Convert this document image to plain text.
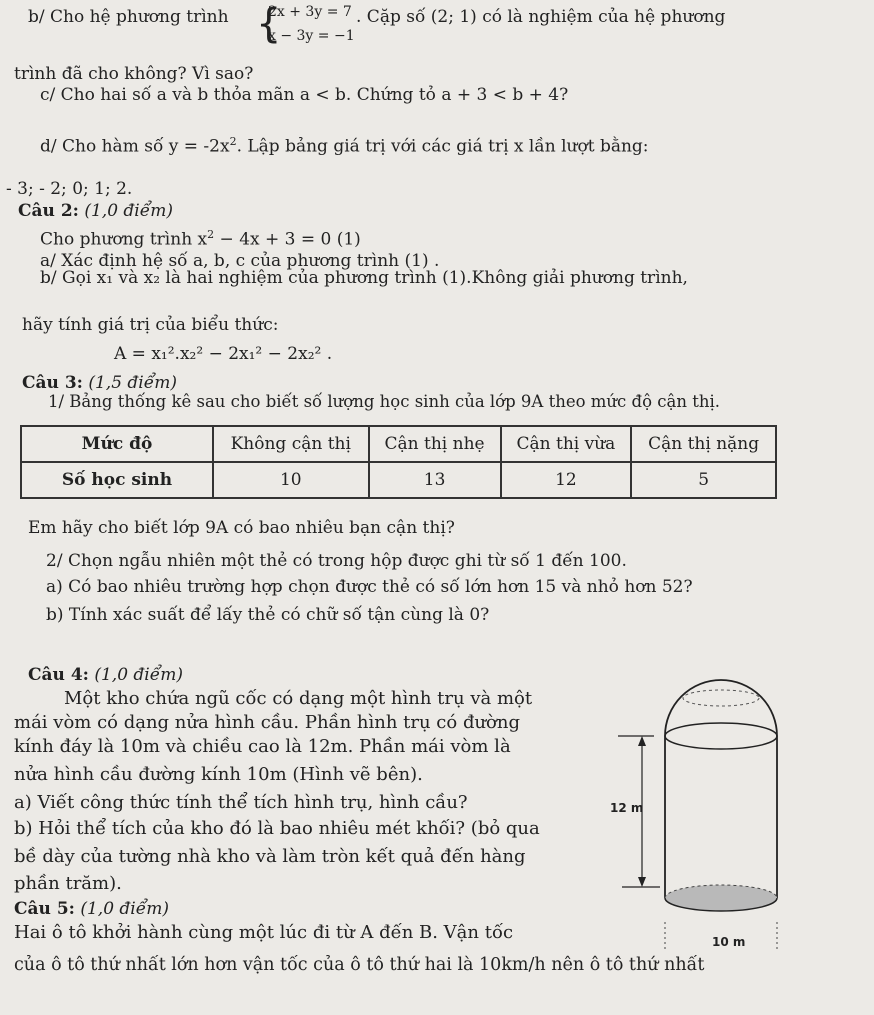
b/ Cho hệ phương trình {
2x + 3y = 7
x − 3y = −1
. Cặp số (2; 1) có là nghiệm của hệ phương
trình đã cho không? Vì sao?
c/ Cho hai số a và b thỏa mãn a < b. Chứng tỏ a + 3 < b + 4?
d/ Cho hàm số $y = -2x^2$. Lập bảng giá trị với các giá trị x lần lượt bằng:
- 3; - 2; 0; 1; 2.
Câu 2: (1,0 điểm)
Cho phương trình $x^2 - 4x + 3 = 0$ (1)
a/ Xác định hệ số a, b, c của phương trình (1) .
b/ Gọi x₁ và x₂ là hai nghiệm của phương trình (1).Không giải phương trình,
hãy tính giá trị của biểu thức:
A = x₁².x₂² − 2x₁² − 2x₂² .
Câu 3: (1,5 điểm)
1/ Bảng thống kê sau cho biết số lượng học sinh của lớp 9A theo mức độ cận thị.
Mức độ	Không cận thị	Cận thị nhẹ	Cận thị vừa	Cận thị nặng
Số học sinh	10	13	12	5
Em hãy cho biết lớp 9A có bao nhiêu bạn cận thị?
2/ Chọn ngẫu nhiên một thẻ có trong hộp được ghi từ số 1 đến 100.
a) Có bao nhiêu trường hợp chọn được thẻ có số lớn hơn 15 và nhỏ hơn 52?
b) Tính xác suất để lấy thẻ có chữ số tận cùng là 0?
Câu 4: (1,0 điểm)
Một kho chứa ngũ cốc có dạng một hình trụ và một
mái vòm có dạng nửa hình cầu. Phần hình trụ có đường
kính đáy là 10m và chiều cao là 12m. Phần mái vòm là
nửa hình cầu đường kính 10m (Hình vẽ bên).
a) Viết công thức tính thể tích hình trụ, hình cầu?
b) Hỏi thể tích của kho đó là bao nhiêu mét khối? (bỏ qua
bề dày của tường nhà kho và làm tròn kết quả đến hàng
phần trăm).
Câu 5: (1,0 điểm)
Hai ô tô khởi hành cùng một lúc đi từ A đến B. Vận tốc
của ô tô thứ nhất lớn hơn vận tốc của ô tô thứ hai là 10km/h nên ô tô thứ nhất
12 m
10 m
